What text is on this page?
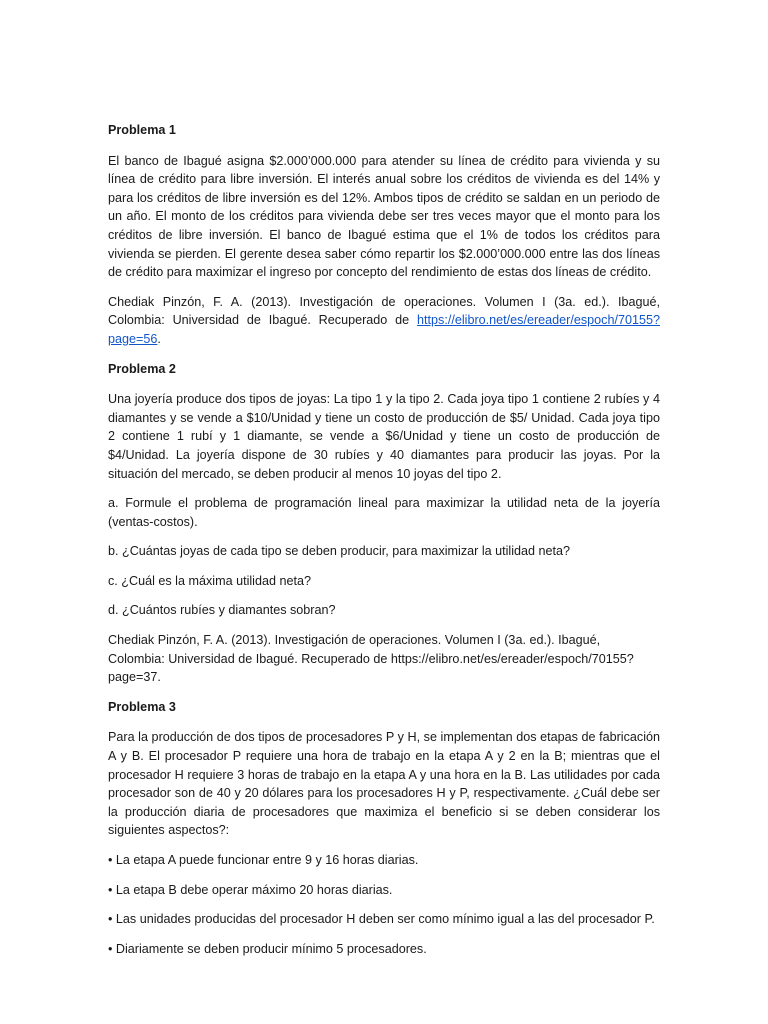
Problema 1

El banco de Ibagué asigna $2.000’000.000 para atender su línea de crédito para vivienda y su línea de crédito para libre inversión. El interés anual sobre los créditos de vivienda es del 14% y para los créditos de libre inversión es del 12%. Ambos tipos de crédito se saldan en un periodo de un año. El monto de los créditos para vivienda debe ser tres veces mayor que el monto para los créditos de libre inversión. El banco de Ibagué estima que el 1% de todos los créditos para vivienda se pierden. El gerente desea saber cómo repartir los $2.000’000.000 entre las dos líneas de crédito para maximizar el ingreso por concepto del rendimiento de estas dos líneas de crédito.

Chediak Pinzón, F. A. (2013). Investigación de operaciones. Volumen I (3a. ed.). Ibagué, Colombia: Universidad de Ibagué. Recuperado de https://elibro.net/es/ereader/espoch/70155?page=56.

Problema 2

Una joyería produce dos tipos de joyas: La tipo 1 y la tipo 2. Cada joya tipo 1 contiene 2 rubíes y 4 diamantes y se vende a $10/Unidad y tiene un costo de producción de $5/ Unidad. Cada joya tipo 2 contiene 1 rubí y 1 diamante, se vende a $6/Unidad y tiene un costo de producción de $4/Unidad. La joyería dispone de 30 rubíes y 40 diamantes para producir las joyas. Por la situación del mercado, se deben producir al menos 10 joyas del tipo 2.

a. Formule el problema de programación lineal para maximizar la utilidad neta de la joyería (ventas-costos).

b. ¿Cuántas joyas de cada tipo se deben producir, para maximizar la utilidad neta?

c. ¿Cuál es la máxima utilidad neta?

d. ¿Cuántos rubíes y diamantes sobran?

Chediak Pinzón, F. A. (2013). Investigación de operaciones. Volumen I (3a. ed.). Ibagué, Colombia: Universidad de Ibagué. Recuperado de https://elibro.net/es/ereader/espoch/70155?page=37.

Problema 3

Para la producción de dos tipos de procesadores P y H, se implementan dos etapas de fabricación A y B. El procesador P requiere una hora de trabajo en la etapa A y 2 en la B; mientras que el procesador H requiere 3 horas de trabajo en la etapa A y una hora en la B. Las utilidades por cada procesador son de 40 y 20 dólares para los procesadores H y P, respectivamente. ¿Cuál debe ser la producción diaria de procesadores que maximiza el beneficio si se deben considerar los siguientes aspectos?:

• La etapa A puede funcionar entre 9 y 16 horas diarias.

• La etapa B debe operar máximo 20 horas diarias.

• Las unidades producidas del procesador H deben ser como mínimo igual a las del procesador P.

• Diariamente se deben producir mínimo 5 procesadores.
